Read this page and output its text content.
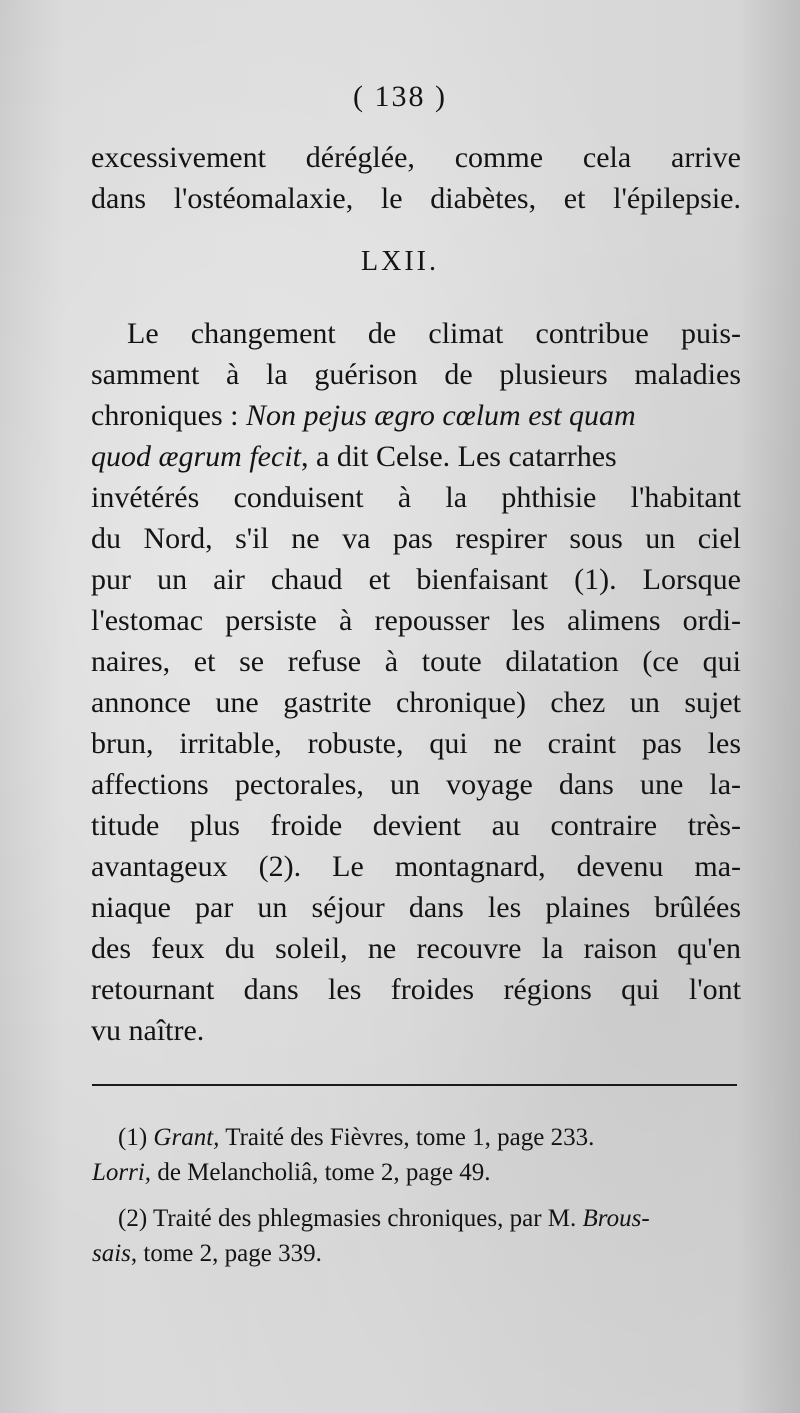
( 138 )
excessivement déréglée, comme cela arrive
dans l'ostéomalaxie, le diabètes, et l'épilepsie.
LXII.
Le changement de climat contribue puis-
samment à la guérison de plusieurs maladies
chroniques : Non pejus ægro cœlum est quam
quod ægrum fecit, a dit Celse. Les catarrhes
invétérés conduisent à la phthisie l'habitant
du Nord, s'il ne va pas respirer sous un ciel
pur un air chaud et bienfaisant (1). Lorsque
l'estomac persiste à repousser les alimens ordi-
naires, et se refuse à toute dilatation (ce qui
annonce une gastrite chronique) chez un sujet
brun, irritable, robuste, qui ne craint pas les
affections pectorales, un voyage dans une la-
titude plus froide devient au contraire très-
avantageux (2). Le montagnard, devenu ma-
niaque par un séjour dans les plaines brûlées
des feux du soleil, ne recouvre la raison qu'en
retournant dans les froides régions qui l'ont
vu naître.
(1) Grant, Traité des Fièvres, tome 1, page 233.
Lorri, de Melancholiâ, tome 2, page 49.
(2) Traité des phlegmasies chroniques, par M. Brous-
sais, tome 2, page 339.
